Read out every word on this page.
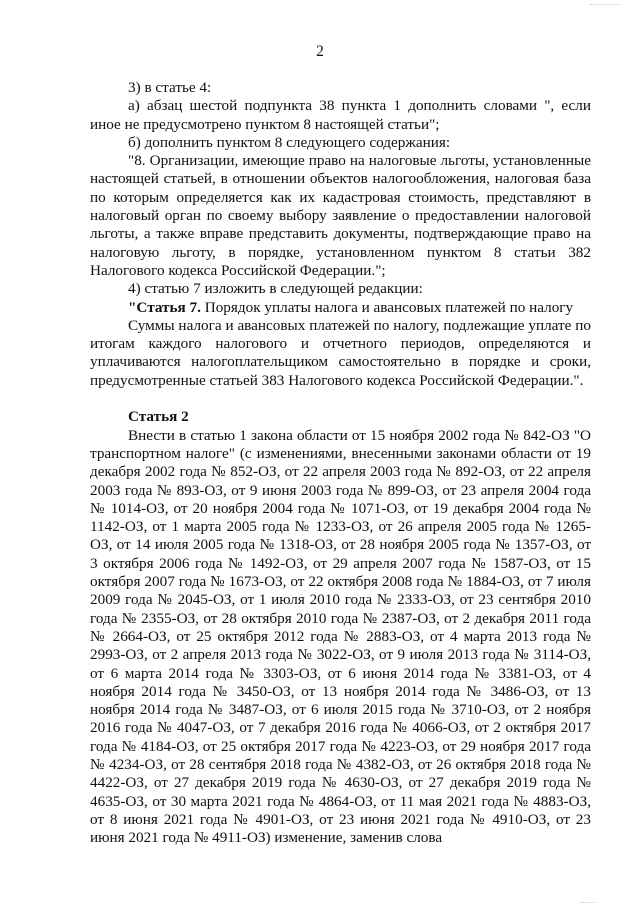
2

3) в статье 4:

а) абзац шестой подпункта 38 пункта 1 дополнить словами ", если иное не предусмотрено пунктом 8 настоящей статьи";

б) дополнить пунктом 8 следующего содержания:

"8. Организации, имеющие право на налоговые льготы, установленные настоящей статьей, в отношении объектов налогообложения, налоговая база по которым определяется как их кадастровая стоимость, представляют в налоговый орган по своему выбору заявление о предоставлении налоговой льготы, а также вправе представить документы, подтверждающие право на налоговую льготу, в порядке, установленном пунктом 8 статьи 382 Налогового кодекса Российской Федерации.";

4) статью 7 изложить в следующей редакции:

"Статья 7. Порядок уплаты налога и авансовых платежей по налогу

Суммы налога и авансовых платежей по налогу, подлежащие уплате по итогам каждого налогового и отчетного периодов, определяются и уплачиваются налогоплательщиком самостоятельно в порядке и сроки, предусмотренные статьей 383 Налогового кодекса Российской Федерации.".

Статья 2

Внести в статью 1 закона области от 15 ноября 2002 года № 842-ОЗ "О транспортном налоге" (с изменениями, внесенными законами области от 19 декабря 2002 года № 852-ОЗ, от 22 апреля 2003 года № 892-ОЗ, от 22 апреля 2003 года № 893-ОЗ, от 9 июня 2003 года № 899-ОЗ, от 23 апреля 2004 года № 1014-ОЗ, от 20 ноября 2004 года № 1071-ОЗ, от 19 декабря 2004 года № 1142-ОЗ, от 1 марта 2005 года № 1233-ОЗ, от 26 апреля 2005 года № 1265-ОЗ, от 14 июля 2005 года № 1318-ОЗ, от 28 ноября 2005 года № 1357-ОЗ, от 3 октября 2006 года № 1492-ОЗ, от 29 апреля 2007 года № 1587-ОЗ, от 15 октября 2007 года № 1673-ОЗ, от 22 октября 2008 года № 1884-ОЗ, от 7 июля 2009 года № 2045-ОЗ, от 1 июля 2010 года № 2333-ОЗ, от 23 сентября 2010 года № 2355-ОЗ, от 28 октября 2010 года № 2387-ОЗ, от 2 декабря 2011 года № 2664-ОЗ, от 25 октября 2012 года № 2883-ОЗ, от 4 марта 2013 года № 2993-ОЗ, от 2 апреля 2013 года № 3022-ОЗ, от 9 июля 2013 года № 3114-ОЗ, от 6 марта 2014 года № 3303-ОЗ, от 6 июня 2014 года № 3381-ОЗ, от 4 ноября 2014 года № 3450-ОЗ, от 13 ноября 2014 года № 3486-ОЗ, от 13 ноября 2014 года № 3487-ОЗ, от 6 июля 2015 года № 3710-ОЗ, от 2 ноября 2016 года № 4047-ОЗ, от 7 декабря 2016 года № 4066-ОЗ, от 2 октября 2017 года № 4184-ОЗ, от 25 октября 2017 года № 4223-ОЗ, от 29 ноября 2017 года № 4234-ОЗ, от 28 сентября 2018 года № 4382-ОЗ, от 26 октября 2018 года № 4422-ОЗ, от 27 декабря 2019 года № 4630-ОЗ, от 27 декабря 2019 года № 4635-ОЗ, от 30 марта 2021 года № 4864-ОЗ, от 11 мая 2021 года № 4883-ОЗ, от 8 июня 2021 года № 4901-ОЗ, от 23 июня 2021 года № 4910-ОЗ, от 23 июня 2021 года № 4911-ОЗ) изменение, заменив слова
